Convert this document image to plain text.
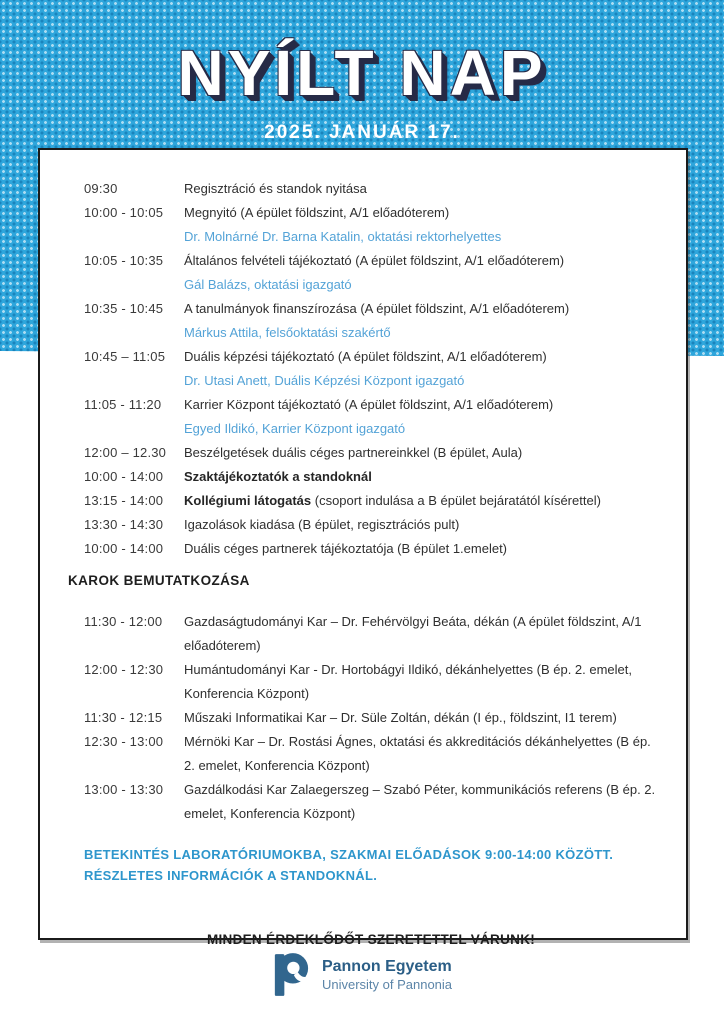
NYÍLT NAP
2025. JANUÁR 17.
09:30	Regisztráció és standok nyitása
10:00 - 10:05	Megnyitó (A épület földszint, A/1 előadóterem)
Dr. Molnárné Dr. Barna Katalin, oktatási rektorhelyettes
10:05 - 10:35	Általános felvételi tájékoztató (A épület földszint, A/1 előadóterem)
Gál Balázs, oktatási igazgató
10:35 - 10:45	A tanulmányok finanszírozása (A épület földszint, A/1 előadóterem)
Márkus Attila, felsőoktatási szakértő
10:45 – 11:05	Duális képzési tájékoztató (A épület földszint, A/1 előadóterem)
Dr. Utasi Anett, Duális Képzési Központ igazgató
11:05 - 11:20	Karrier Központ tájékoztató (A épület földszint, A/1 előadóterem)
Egyed Ildikó, Karrier Központ igazgató
12:00 – 12.30	Beszélgetések duális céges partnereinkkel (B épület, Aula)
10:00 - 14:00	Szaktájékoztatók a standoknál
13:15 - 14:00	Kollégiumi látogatás (csoport indulása a B épület bejáratától kísérettel)
13:30 - 14:30	Igazolások kiadása (B épület, regisztrációs pult)
10:00 - 14:00	Duális céges partnerek tájékoztatója (B épület 1.emelet)
KAROK BEMUTATKOZÁSA
11:30 - 12:00	Gazdaságtudományi Kar – Dr. Fehérvölgyi Beáta, dékán (A épület földszint, A/1 előadóterem)
12:00 - 12:30	Humántudományi Kar - Dr. Hortobágyi Ildikó, dékánhelyettes (B ép. 2. emelet, Konferencia Központ)
11:30 - 12:15	Műszaki Informatikai Kar – Dr. Süle Zoltán, dékán (I ép., földszint, I1 terem)
12:30 - 13:00	Mérnöki Kar – Dr. Rostási Ágnes, oktatási és akkreditációs dékánhelyettes (B ép. 2. emelet, Konferencia Központ)
13:00 - 13:30	Gazdálkodási Kar Zalaegerszeg – Szabó Péter, kommunikációs referens (B ép. 2. emelet, Konferencia Központ)
BETEKINTÉS LABORATÓRIUMOKBA, SZAKMAI ELŐADÁSOK 9:00-14:00 KÖZÖTT.
RÉSZLETES INFORMÁCIÓK A STANDOKNÁL.
MINDEN ÉRDEKLŐDŐT SZERETETTEL VÁRUNK!
Pannon Egyetem
University of Pannonia
